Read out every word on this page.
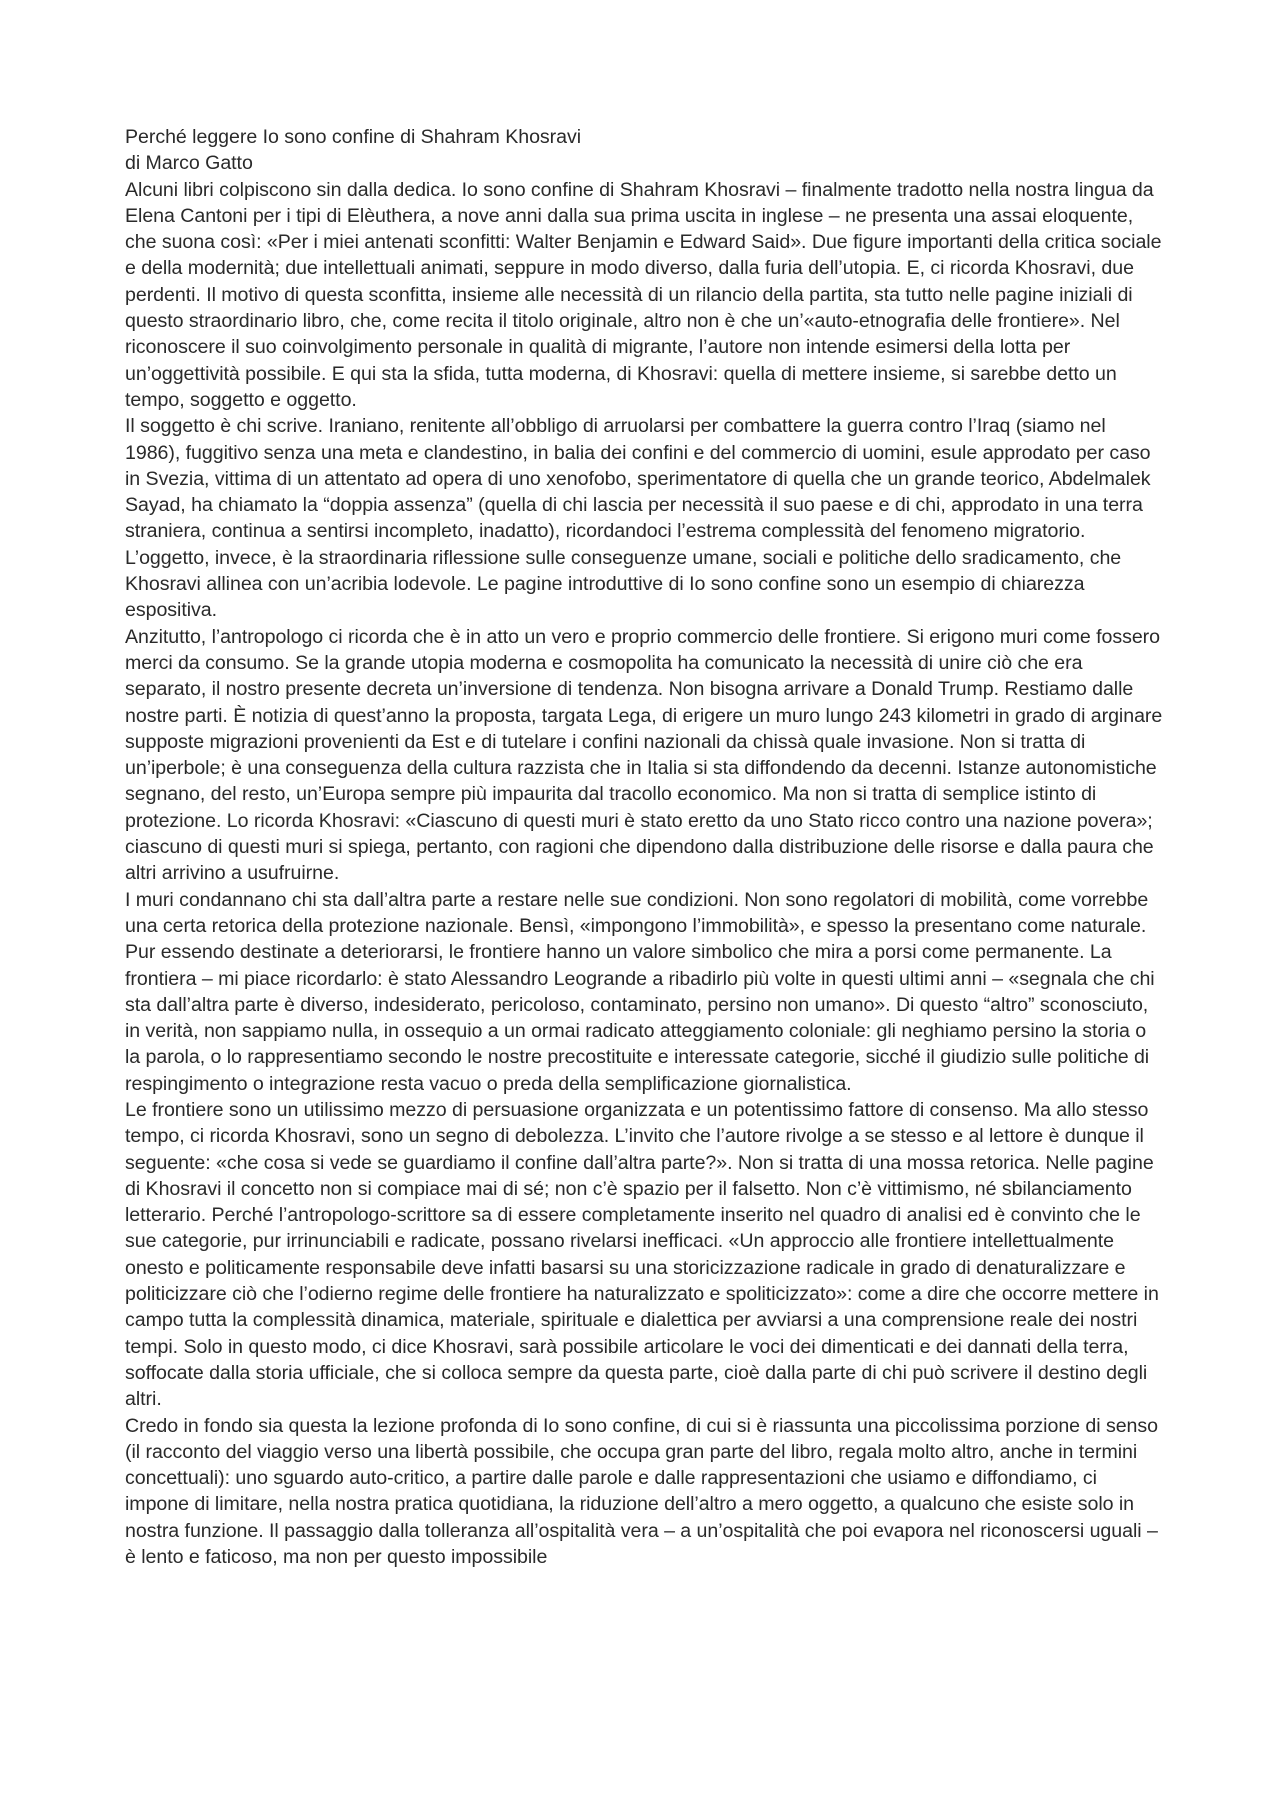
Perché leggere Io sono confine di Shahram Khosravi

di Marco Gatto

Alcuni libri colpiscono sin dalla dedica. Io sono confine di Shahram Khosravi – finalmente tradotto nella nostra lingua da Elena Cantoni per i tipi di Elèuthera, a nove anni dalla sua prima uscita in inglese – ne presenta una assai eloquente, che suona così: «Per i miei antenati sconfitti: Walter Benjamin e Edward Said». Due figure importanti della critica sociale e della modernità; due intellettuali animati, seppure in modo diverso, dalla furia dell’utopia. E, ci ricorda Khosravi, due perdenti. Il motivo di questa sconfitta, insieme alle necessità di un rilancio della partita, sta tutto nelle pagine iniziali di questo straordinario libro, che, come recita il titolo originale, altro non è che un’«auto-etnografia delle frontiere». Nel riconoscere il suo coinvolgimento personale in qualità di migrante, l’autore non intende esimersi della lotta per un’oggettività possibile. E qui sta la sfida, tutta moderna, di Khosravi: quella di mettere insieme, si sarebbe detto un tempo, soggetto e oggetto.

Il soggetto è chi scrive. Iraniano, renitente all’obbligo di arruolarsi per combattere la guerra contro l’Iraq (siamo nel 1986), fuggitivo senza una meta e clandestino, in balia dei confini e del commercio di uomini, esule approdato per caso in Svezia, vittima di un attentato ad opera di uno xenofobo, sperimentatore di quella che un grande teorico, Abdelmalek Sayad, ha chiamato la “doppia assenza” (quella di chi lascia per necessità il suo paese e di chi, approdato in una terra straniera, continua a sentirsi incompleto, inadatto), ricordandoci l’estrema complessità del fenomeno migratorio. L’oggetto, invece, è la straordinaria riflessione sulle conseguenze umane, sociali e politiche dello sradicamento, che Khosravi allinea con un’acribia lodevole. Le pagine introduttive di Io sono confine sono un esempio di chiarezza espositiva.

Anzitutto, l’antropologo ci ricorda che è in atto un vero e proprio commercio delle frontiere. Si erigono muri come fossero merci da consumo. Se la grande utopia moderna e cosmopolita ha comunicato la necessità di unire ciò che era separato, il nostro presente decreta un’inversione di tendenza. Non bisogna arrivare a Donald Trump. Restiamo dalle nostre parti. È notizia di quest’anno la proposta, targata Lega, di erigere un muro lungo 243 kilometri in grado di arginare supposte migrazioni provenienti da Est e di tutelare i confini nazionali da chissà quale invasione. Non si tratta di un’iperbole; è una conseguenza della cultura razzista che in Italia si sta diffondendo da decenni. Istanze autonomistiche segnano, del resto, un’Europa sempre più impaurita dal tracollo economico. Ma non si tratta di semplice istinto di protezione. Lo ricorda Khosravi: «Ciascuno di questi muri è stato eretto da uno Stato ricco contro una nazione povera»; ciascuno di questi muri si spiega, pertanto, con ragioni che dipendono dalla distribuzione delle risorse e dalla paura che altri arrivino a usufruirne.

I muri condannano chi sta dall’altra parte a restare nelle sue condizioni. Non sono regolatori di mobilità, come vorrebbe una certa retorica della protezione nazionale. Bensì, «impongono l’immobilità», e spesso la presentano come naturale. Pur essendo destinate a deteriorarsi, le frontiere hanno un valore simbolico che mira a porsi come permanente. La frontiera – mi piace ricordarlo: è stato Alessandro Leogrande a ribadirlo più volte in questi ultimi anni – «segnala che chi sta dall’altra parte è diverso, indesiderato, pericoloso, contaminato, persino non umano». Di questo “altro” sconosciuto, in verità, non sappiamo nulla, in ossequio a un ormai radicato atteggiamento coloniale: gli neghiamo persino la storia o la parola, o lo rappresentiamo secondo le nostre precostituite e interessate categorie, sicché il giudizio sulle politiche di respingimento o integrazione resta vacuo o preda della semplificazione giornalistica.

Le frontiere sono un utilissimo mezzo di persuasione organizzata e un potentissimo fattore di consenso. Ma allo stesso tempo, ci ricorda Khosravi, sono un segno di debolezza. L’invito che l’autore rivolge a se stesso e al lettore è dunque il seguente: «che cosa si vede se guardiamo il confine dall’altra parte?». Non si tratta di una mossa retorica. Nelle pagine di Khosravi il concetto non si compiace mai di sé; non c’è spazio per il falsetto. Non c’è vittimismo, né sbilanciamento letterario. Perché l’antropologo-scrittore sa di essere completamente inserito nel quadro di analisi ed è convinto che le sue categorie, pur irrinunciabili e radicate, possano rivelarsi inefficaci. «Un approccio alle frontiere intellettualmente onesto e politicamente responsabile deve infatti basarsi su una storicizzazione radicale in grado di denaturalizzare e politicizzare ciò che l’odierno regime delle frontiere ha naturalizzato e spoliticizzato»: come a dire che occorre mettere in campo tutta la complessità dinamica, materiale, spirituale e dialettica per avviarsi a una comprensione reale dei nostri tempi. Solo in questo modo, ci dice Khosravi, sarà possibile articolare le voci dei dimenticati e dei dannati della terra, soffocate dalla storia ufficiale, che si colloca sempre da questa parte, cioè dalla parte di chi può scrivere il destino degli altri.

Credo in fondo sia questa la lezione profonda di Io sono confine, di cui si è riassunta una piccolissima porzione di senso (il racconto del viaggio verso una libertà possibile, che occupa gran parte del libro, regala molto altro, anche in termini concettuali): uno sguardo auto-critico, a partire dalle parole e dalle rappresentazioni che usiamo e diffondiamo, ci impone di limitare, nella nostra pratica quotidiana, la riduzione dell’altro a mero oggetto, a qualcuno che esiste solo in nostra funzione. Il passaggio dalla tolleranza all’ospitalità vera – a un’ospitalità che poi evapora nel riconoscersi uguali – è lento e faticoso, ma non per questo impossibile
